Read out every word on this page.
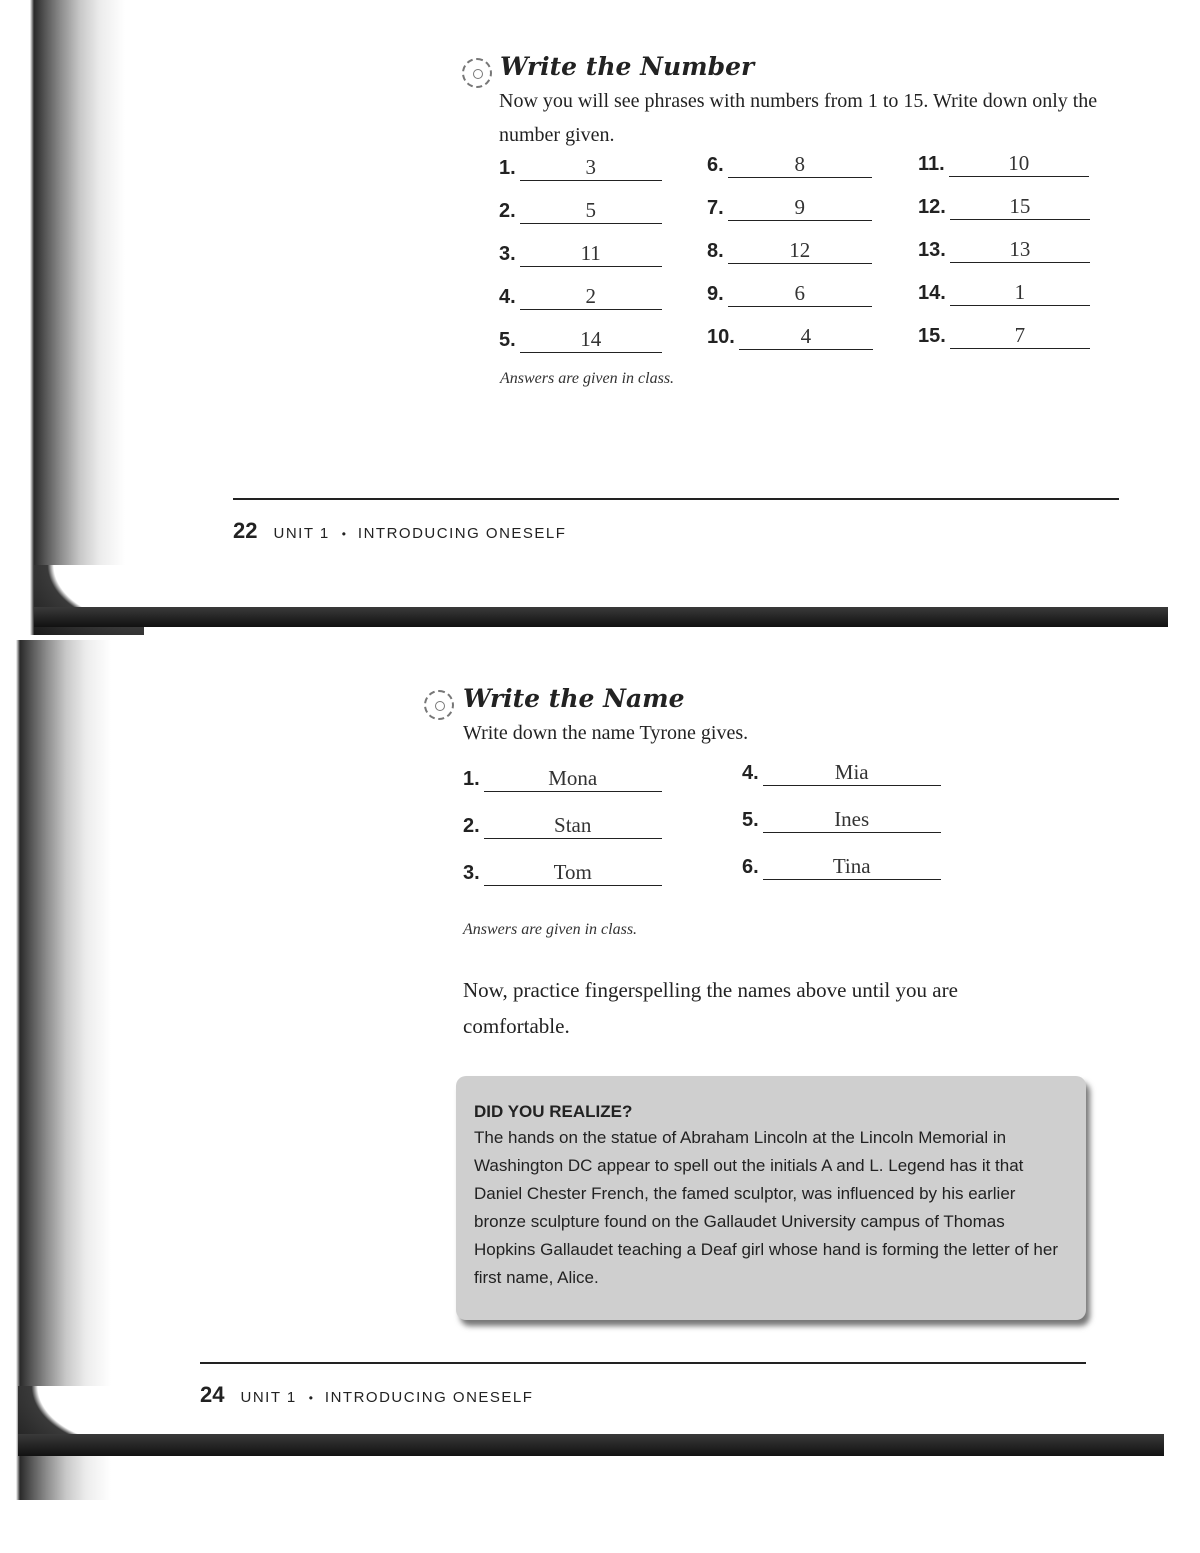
Write the Number
Now you will see phrases with numbers from 1 to 15. Write down only the number given.
1.	3
2.	5
3.	11
4.	2
5.	14
6.	8
7.	9
8.	12
9.	6
10.	4
11.	10
12.	15
13.	13
14.	1
15.	7
Answers are given in class.
22 UNIT 1 • INTRODUCING ONESELF
Write the Name
Write down the name Tyrone gives.
1.	Mona
2.	Stan
3.	Tom
4.	Mia
5.	Ines
6.	Tina
Answers are given in class.
Now, practice fingerspelling the names above until you are comfortable.
DID YOU REALIZE?
The hands on the statue of Abraham Lincoln at the Lincoln Memorial in Washington DC appear to spell out the initials A and L. Legend has it that Daniel Chester French, the famed sculptor, was influenced by his earlier bronze sculpture found on the Gallaudet University campus of Thomas Hopkins Gallaudet teaching a Deaf girl whose hand is forming the letter of her first name, Alice.
24 UNIT 1 • INTRODUCING ONESELF
